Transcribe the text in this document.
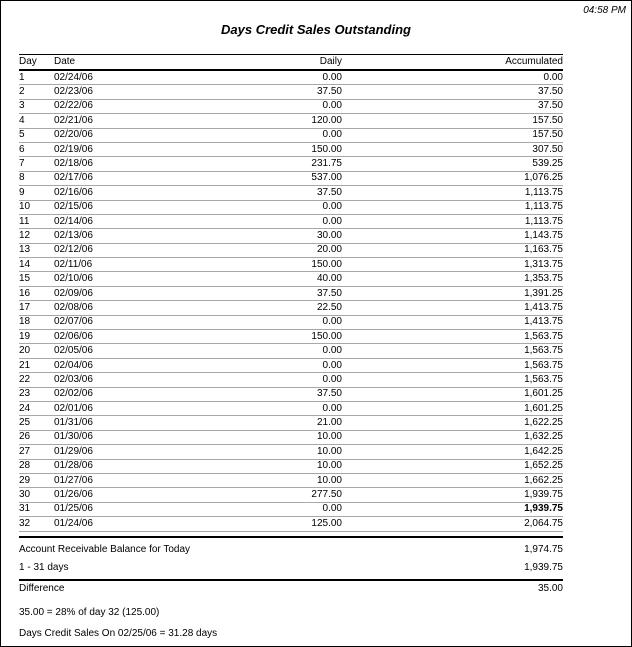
04:58 PM
Days Credit Sales Outstanding
Day	Date	Daily	Accumulated
1	02/24/06	0.00	0.00
2	02/23/06	37.50	37.50
3	02/22/06	0.00	37.50
4	02/21/06	120.00	157.50
5	02/20/06	0.00	157.50
6	02/19/06	150.00	307.50
7	02/18/06	231.75	539.25
8	02/17/06	537.00	1,076.25
9	02/16/06	37.50	1,113.75
10	02/15/06	0.00	1,113.75
11	02/14/06	0.00	1,113.75
12	02/13/06	30.00	1,143.75
13	02/12/06	20.00	1,163.75
14	02/11/06	150.00	1,313.75
15	02/10/06	40.00	1,353.75
16	02/09/06	37.50	1,391.25
17	02/08/06	22.50	1,413.75
18	02/07/06	0.00	1,413.75
19	02/06/06	150.00	1,563.75
20	02/05/06	0.00	1,563.75
21	02/04/06	0.00	1,563.75
22	02/03/06	0.00	1,563.75
23	02/02/06	37.50	1,601.25
24	02/01/06	0.00	1,601.25
25	01/31/06	21.00	1,622.25
26	01/30/06	10.00	1,632.25
27	01/29/06	10.00	1,642.25
28	01/28/06	10.00	1,652.25
29	01/27/06	10.00	1,662.25
30	01/26/06	277.50	1,939.75
31	01/25/06	0.00	1,939.75
32	01/24/06	125.00	2,064.75
Account Receivable Balance for Today	1,974.75
1 - 31 days	1,939.75
Difference	35.00
35.00 = 28% of day 32 (125.00)
Days Credit Sales On 02/25/06 = 31.28 days
